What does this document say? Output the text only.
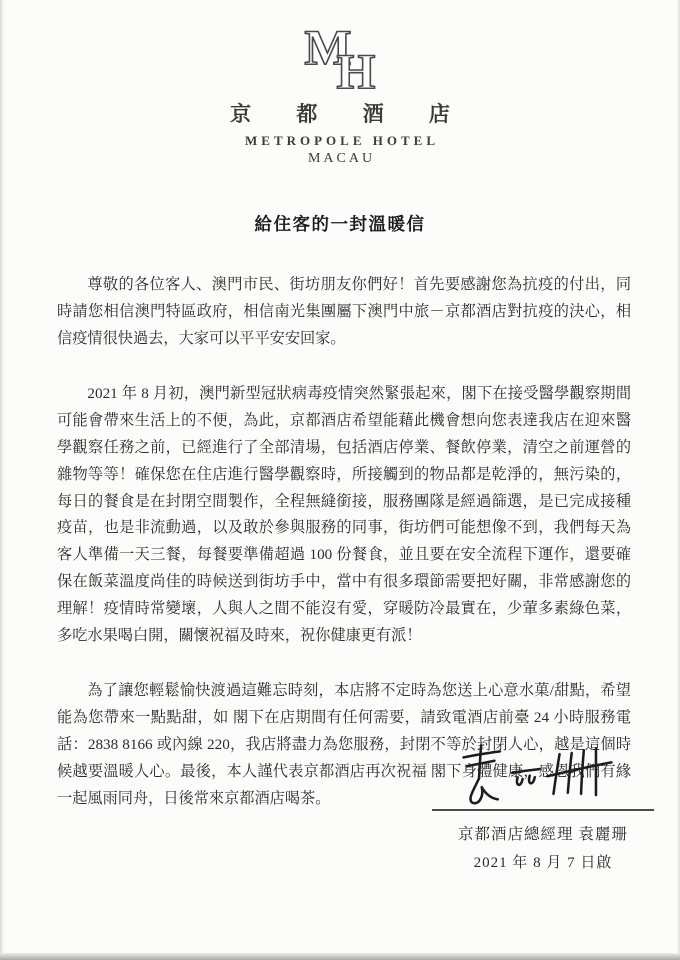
M
H
京 都 酒 店
METROPOLE HOTEL
MACAU
給住客的一封溫暖信

尊敬的各位客人、澳門市民、街坊朋友你們好！首先要感謝您為抗疫的付出，同時請您相信澳門特區政府，相信南光集團屬下澳門中旅－京都酒店對抗疫的決心，相信疫情很快過去，大家可以平平安安回家。

2021 年 8 月初，澳門新型冠狀病毒疫情突然緊張起來，閣下在接受醫學觀察期間可能會帶來生活上的不便，為此，京都酒店希望能藉此機會想向您表達我店在迎來醫學觀察任務之前，已經進行了全部清場，包括酒店停業、餐飲停業，清空之前運營的雜物等等！確保您在住店進行醫學觀察時，所接觸到的物品都是乾淨的，無污染的，每日的餐食是在封閉空間製作，全程無縫銜接，服務團隊是經過篩選，是已完成接種疫苗，也是非流動過，以及敢於參與服務的同事，街坊們可能想像不到，我們每天為客人準備一天三餐，每餐要準備超過 100 份餐食，並且要在安全流程下運作，還要確保在飯菜溫度尚佳的時候送到街坊手中，當中有很多環節需要把好關，非常感謝您的理解！疫情時常變壞，人與人之間不能沒有愛，穿暖防冷最實在，少葷多素綠色菜，多吃水果喝白開，關懷祝福及時來，祝你健康更有派！

為了讓您輕鬆愉快渡過這難忘時刻，本店將不定時為您送上心意水菓/甜點，希望能為您帶來一點點甜，如 閣下在店期間有任何需要，請致電酒店前臺 24 小時服務電話：2838 8166 或內線 220，我店將盡力為您服務，封閉不等於封閉人心，越是這個時候越要溫暖人心。最後，本人謹代表京都酒店再次祝福 閣下身體健康，感恩我們有緣一起風雨同舟，日後常來京都酒店喝茶。

京都酒店總經理 袁麗珊
2021 年 8 月 7 日啟
